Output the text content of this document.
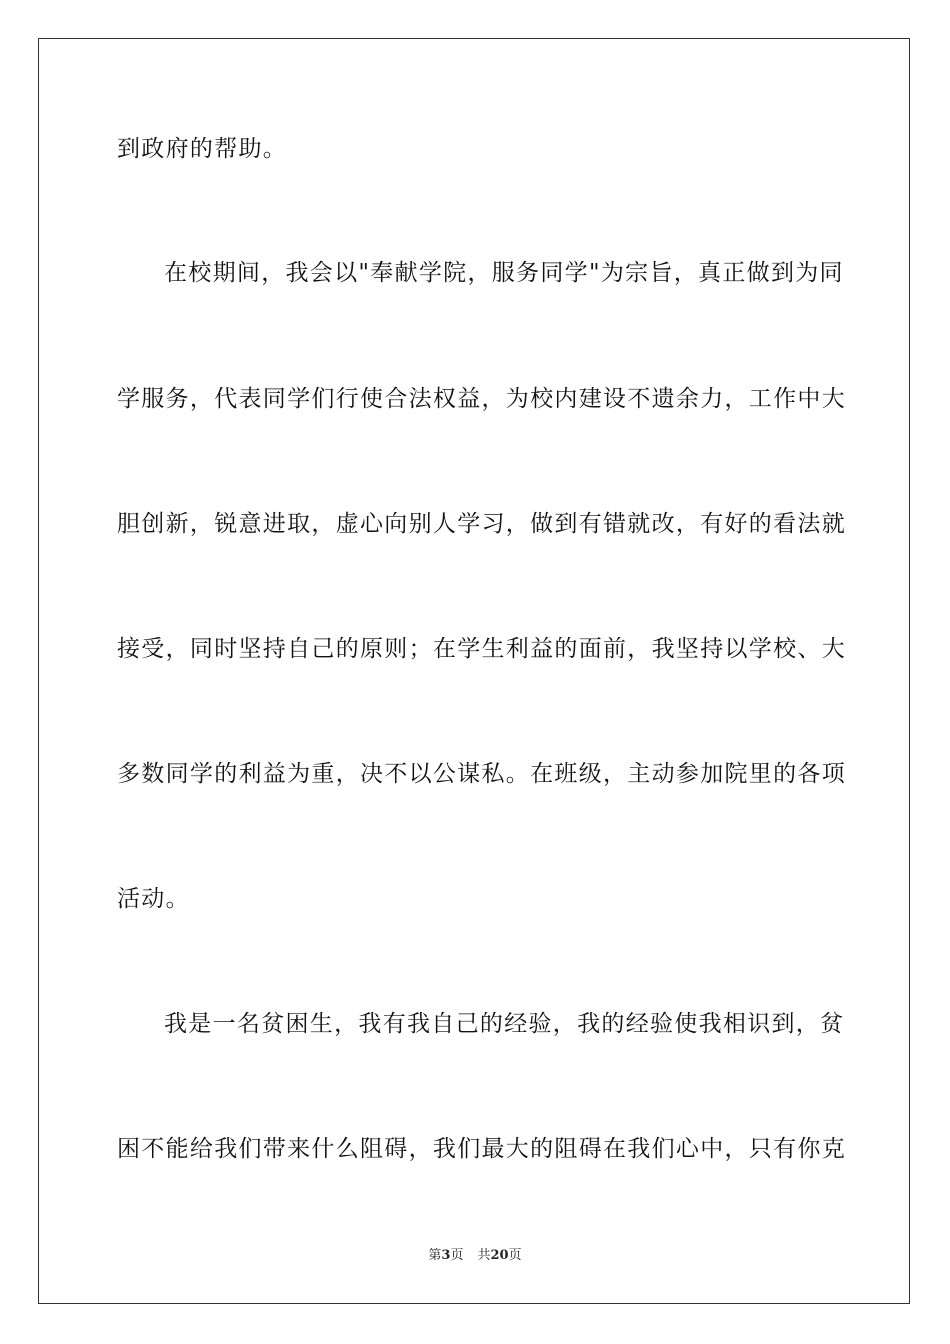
到政府的帮助。
在校期间，我会以"奉献学院，服务同学"为宗旨，真正做到为同
学服务，代表同学们行使合法权益，为校内建设不遗余力，工作中大
胆创新，锐意进取，虚心向别人学习，做到有错就改，有好的看法就
接受，同时坚持自己的原则；在学生利益的面前，我坚持以学校、大
多数同学的利益为重，决不以公谋私。在班级，主动参加院里的各项
活动。
我是一名贫困生，我有我自己的经验，我的经验使我相识到，贫
困不能给我们带来什么阻碍，我们最大的阻碍在我们心中，只有你克
第3页 共20页
